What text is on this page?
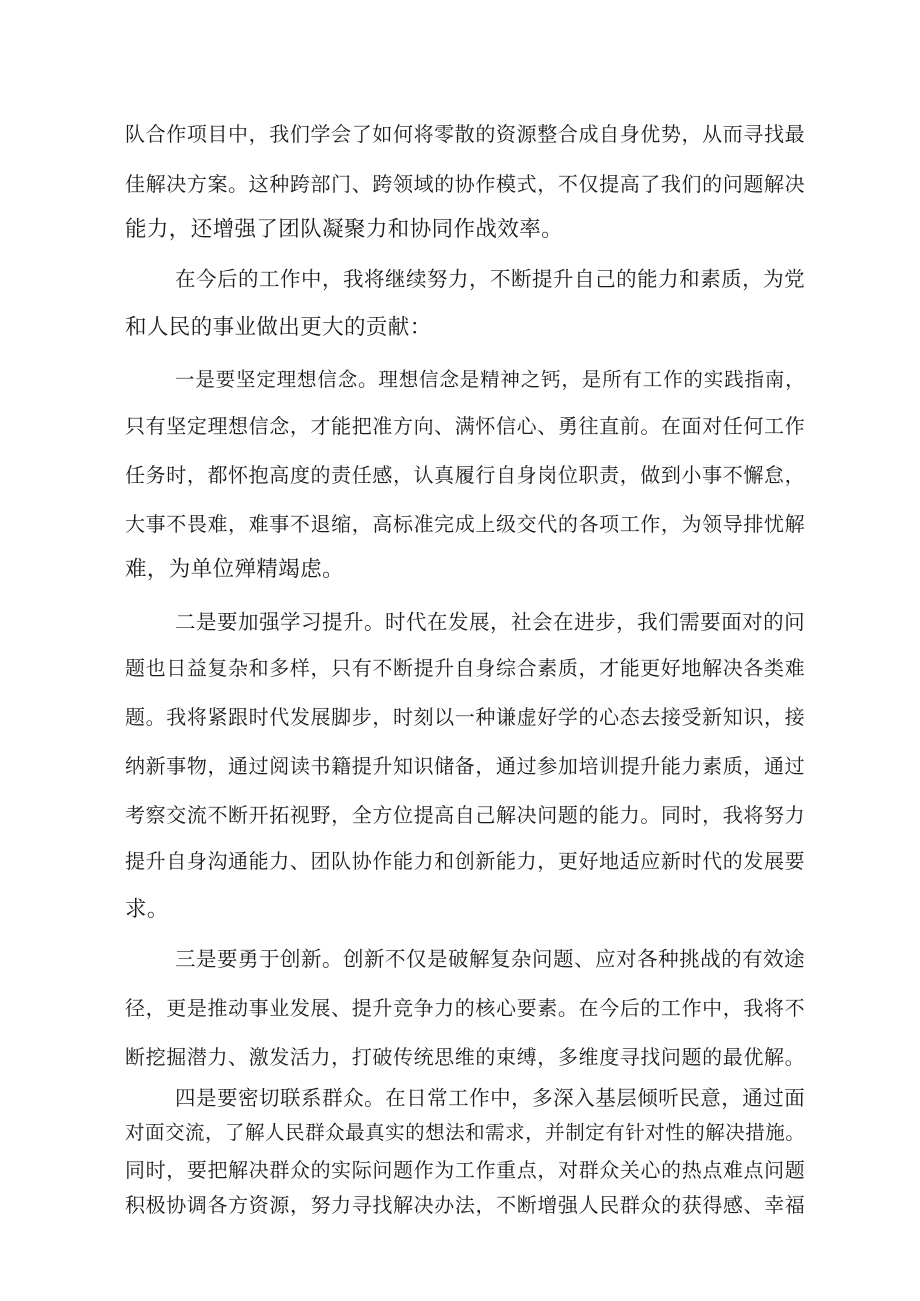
队合作项目中，我们学会了如何将零散的资源整合成自身优势，从而寻找最
佳解决方案。这种跨部门、跨领域的协作模式，不仅提高了我们的问题解决
能力，还增强了团队凝聚力和协同作战效率。
在今后的工作中，我将继续努力，不断提升自己的能力和素质，为党
和人民的事业做出更大的贡献：
一是要坚定理想信念。理想信念是精神之钙，是所有工作的实践指南，
只有坚定理想信念，才能把准方向、满怀信心、勇往直前。在面对任何工作
任务时，都怀抱高度的责任感，认真履行自身岗位职责，做到小事不懈怠，
大事不畏难，难事不退缩，高标准完成上级交代的各项工作，为领导排忧解
难，为单位殚精竭虑。
二是要加强学习提升。时代在发展，社会在进步，我们需要面对的问
题也日益复杂和多样，只有不断提升自身综合素质，才能更好地解决各类难
题。我将紧跟时代发展脚步，时刻以一种谦虚好学的心态去接受新知识，接
纳新事物，通过阅读书籍提升知识储备，通过参加培训提升能力素质，通过
考察交流不断开拓视野，全方位提高自己解决问题的能力。同时，我将努力
提升自身沟通能力、团队协作能力和创新能力，更好地适应新时代的发展要
求。
三是要勇于创新。创新不仅是破解复杂问题、应对各种挑战的有效途
径，更是推动事业发展、提升竞争力的核心要素。在今后的工作中，我将不
断挖掘潜力、激发活力，打破传统思维的束缚，多维度寻找问题的最优解。
四是要密切联系群众。在日常工作中，多深入基层倾听民意，通过面
对面交流，了解人民群众最真实的想法和需求，并制定有针对性的解决措施。
同时，要把解决群众的实际问题作为工作重点，对群众关心的热点难点问题
积极协调各方资源，努力寻找解决办法，不断增强人民群众的获得感、幸福
